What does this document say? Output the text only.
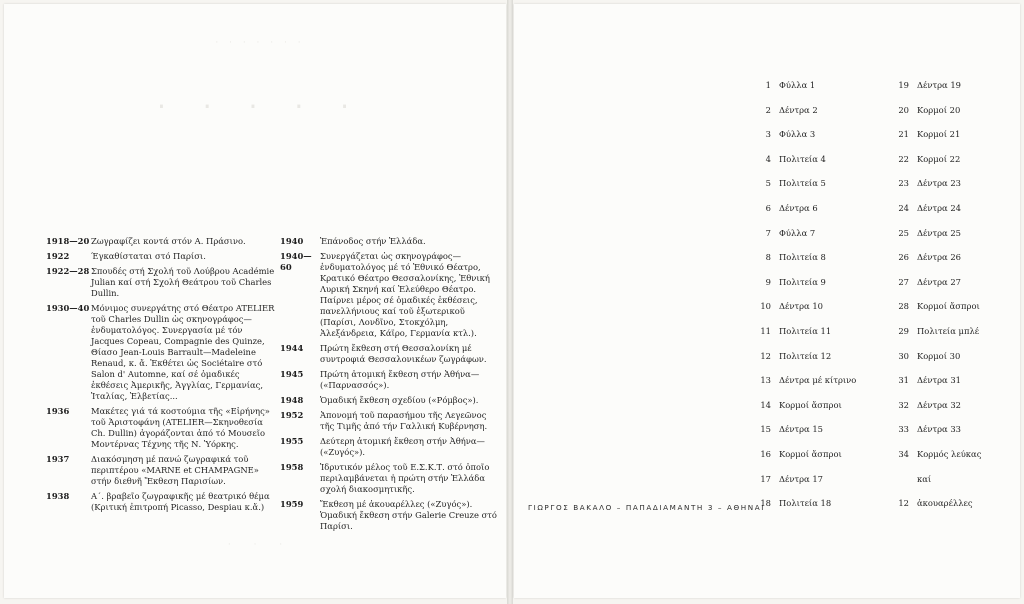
· · · · · · ·
· · · · ·
· · ·
1918—20 Ζωγραφίζει κοντά στόν Α. Πράσινο.
1922	Έγκαθίσταται στό Παρίσι.
1922—28 Σπουδές στή Σχολή τοῦ Λούβρου Académie Julian καί στή Σχολή Θεάτρου τοῦ Charles Dullin.
1930—40 Μόνιμος συνεργάτης στό Θέατρο ATELIER τοῦ Charles Dullin ὡς σκηνογράφος—ἐνδυματολόγος. Συνεργασία μέ τόν Jacques Copeau, Compagnie des Quinze, Θίασο Jean-Louis Barrault—Madeleine Renaud, κ. ἄ. Ἐκθέτει ὡς Sociétaire στό Salon d' Automne, καί σέ ὁμαδικές ἐκθέσεις Ἀμερικῆς, Ἀγγλίας, Γερμανίας, Ἰταλίας, Ἑλβετίας...
1936	Μακέτες γιά τά κοστούμια τῆς «Εἰρήνης» τοῦ Ἀριστοφάνη (ATELIER—Σκηνοθεσία Ch. Dullin) ἀγοράζονται ἀπό τό Μουσεῖο Μοντέρνας Τέχνης τῆς Ν. Ὑόρκης.
1937	Διακόσμηση μέ πανώ ζωγραφικά τοῦ περιπτέρου «MARNE et CHAMPAGNE» στήν διεθνῆ Ἔκθεση Παρισίων.
1938	Α΄. βραβεῖο ζωγραφικῆς μέ θεατρικό θέμα (Κριτική ἐπιτροπή Picasso, Despiau κ.ἄ.)
1940	Ἐπάνοδος στήν Ἑλλάδα.
1940—60
Συνεργάζεται ὡς σκηνογράφος—ἐνδυματολόγος μέ τό Ἐθνικό Θέατρο, Κρατικό Θέατρο Θεσσαλονίκης, Ἐθνική Λυρική Σκηνή καί Ἐλεύθερο Θέατρο. Παίρνει μέρος σέ ὁμαδικές ἐκθέσεις, πανελλήνιους καί τοῦ ἐξωτερικοῦ (Παρίσι, Λονδῖνο, Στοκχόλμη, Ἀλεξάνδρεια, Κάϊρο, Γερμανία κτλ.).
1944	Πρώτη ἔκθεση στή Θεσσαλονίκη μέ συντροφιά Θεσσαλονικέων ζωγράφων.
1945	Πρώτη ἀτομική ἔκθεση στήν Ἀθήνα—(«Παρνασσός»).
1948	Ὁμαδική ἔκθεση σχεδίου («Ρόμβος»).
1952	Ἀπονομή τοῦ παρασήμου τῆς Λεγεῶνος τῆς Τιμῆς ἀπό τήν Γαλλική Κυβέρνηση.
1955	Δεύτερη ἀτομική ἔκθεση στήν Ἀθήνα—(«Ζυγός»).
1958	Ἱδρυτικόν μέλος τοῦ Ε.Σ.Κ.Τ. στό ὁποῖο περιλαμβάνεται ἡ πρώτη στήν Ἑλλάδα σχολή διακοσμητικῆς.
1959	Ἔκθεση μέ ἀκουαρέλλες («Ζυγός»). Ὁμαδική ἔκθεση στήν Galerie Creuze στό Παρίσι.
1 Φύλλα 1
2 Δέντρα 2
3 Φύλλα 3
4 Πολιτεία 4
5 Πολιτεία 5
6 Δέντρα 6
7 Φύλλα 7
8 Πολιτεία 8
9 Πολιτεία 9
10 Δέντρα 10
11 Πολιτεία 11
12 Πολιτεία 12
13 Δέντρα μέ κίτρινο
14 Κορμοί ἄσπροι
15 Δέντρα 15
16 Κορμοί ἄσπροι
17 Δέντρα 17
18 Πολιτεία 18
19 Δέντρα 19
20 Κορμοί 20
21 Κορμοί 21
22 Κορμοί 22
23 Δέντρα 23
24 Δέντρα 24
25 Δέντρα 25
26 Δέντρα 26
27 Δέντρα 27
28 Κορμοί ἄσπροι
29 Πολιτεία μπλέ
30 Κορμοί 30
31 Δέντρα 31
32 Δέντρα 32
33 Δέντρα 33
34 Κορμός λεύκας
καί
12 ἀκουαρέλλες
ΓΙΩΡΓΟΣ ΒΑΚΑΛΟ – ΠΑΠΑΔΙΑΜΑΝΤΗ 3 – ΑΘΗΝΑΙ
